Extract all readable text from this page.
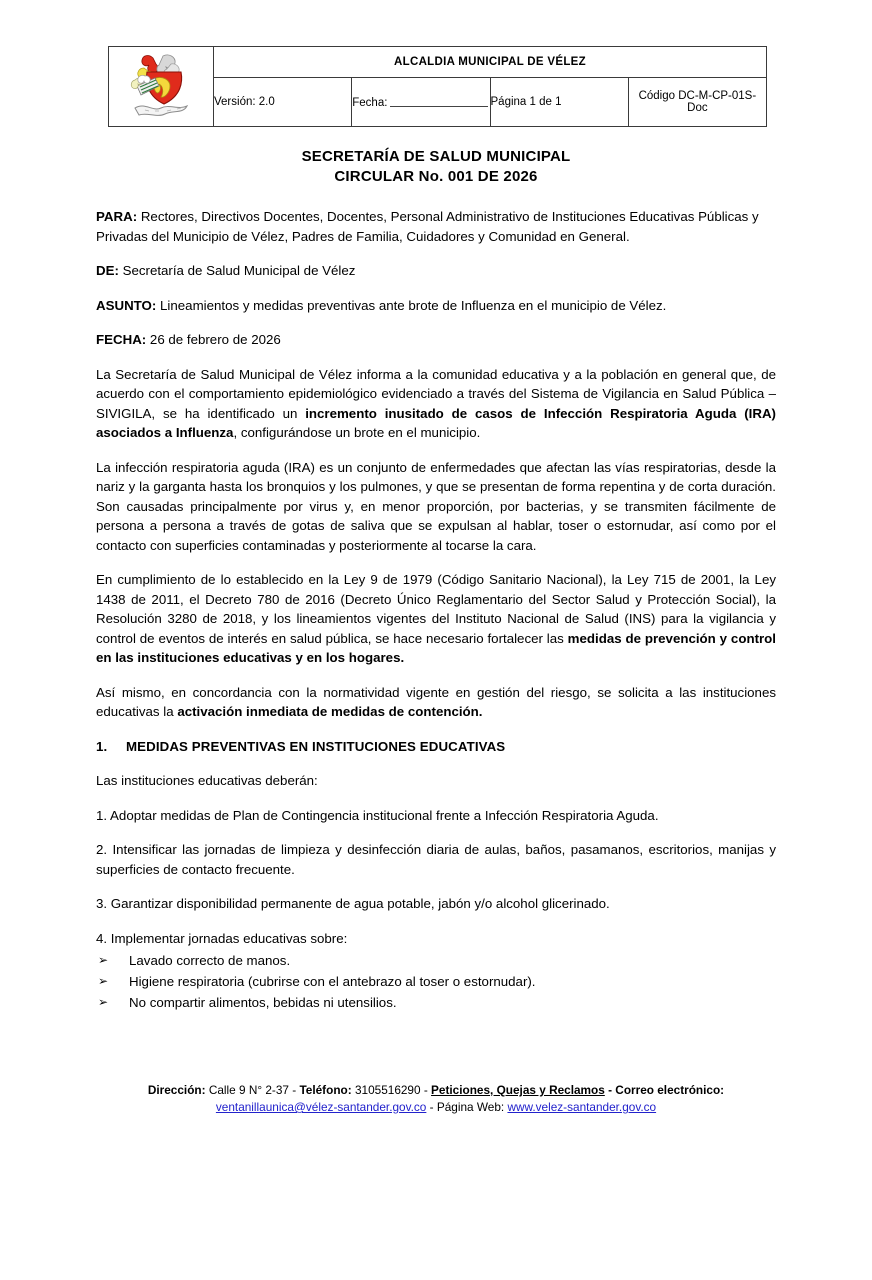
	ALCALDIA MUNICIPAL DE VÉLEZ			
	Versión: 2.0	Fecha:	Página 1 de 1	Código DC-M-CP-01S-Doc
SECRETARÍA DE SALUD MUNICIPAL
CIRCULAR No. 001 DE 2026

PARA: Rectores, Directivos Docentes, Docentes, Personal Administrativo de Instituciones Educativas Públicas y Privadas del Municipio de Vélez, Padres de Familia, Cuidadores y Comunidad en General.

DE: Secretaría de Salud Municipal de Vélez

ASUNTO: Lineamientos y medidas preventivas ante brote de Influenza en el municipio de Vélez.

FECHA: 26 de febrero de 2026

La Secretaría de Salud Municipal de Vélez informa a la comunidad educativa y a la población en general que, de acuerdo con el comportamiento epidemiológico evidenciado a través del Sistema de Vigilancia en Salud Pública – SIVIGILA, se ha identificado un incremento inusitado de casos de Infección Respiratoria Aguda (IRA) asociados a Influenza, configurándose un brote en el municipio.

La infección respiratoria aguda (IRA) es un conjunto de enfermedades que afectan las vías respiratorias, desde la nariz y la garganta hasta los bronquios y los pulmones, y que se presentan de forma repentina y de corta duración. Son causadas principalmente por virus y, en menor proporción, por bacterias, y se transmiten fácilmente de persona a persona a través de gotas de saliva que se expulsan al hablar, toser o estornudar, así como por el contacto con superficies contaminadas y posteriormente al tocarse la cara.

En cumplimiento de lo establecido en la Ley 9 de 1979 (Código Sanitario Nacional), la Ley 715 de 2001, la Ley 1438 de 2011, el Decreto 780 de 2016 (Decreto Único Reglamentario del Sector Salud y Protección Social), la Resolución 3280 de 2018, y los lineamientos vigentes del Instituto Nacional de Salud (INS) para la vigilancia y control de eventos de interés en salud pública, se hace necesario fortalecer las medidas de prevención y control en las instituciones educativas y en los hogares.

Así mismo, en concordancia con la normatividad vigente en gestión del riesgo, se solicita a las instituciones educativas la activación inmediata de medidas de contención.

1. MEDIDAS PREVENTIVAS EN INSTITUCIONES EDUCATIVAS

Las instituciones educativas deberán:

1. Adoptar medidas de Plan de Contingencia institucional frente a Infección Respiratoria Aguda.

2. Intensificar las jornadas de limpieza y desinfección diaria de aulas, baños, pasamanos, escritorios, manijas y superficies de contacto frecuente.

3. Garantizar disponibilidad permanente de agua potable, jabón y/o alcohol glicerinado.

4. Implementar jornadas educativas sobre:

➢ Lavado correcto de manos.
➢ Higiene respiratoria (cubrirse con el antebrazo al toser o estornudar).
➢ No compartir alimentos, bebidas ni utensilios.
Dirección: Calle 9 N° 2-37 - Teléfono: 3105516290 - Peticiones, Quejas y Reclamos - Correo electrónico:
ventanillaunica@vélez-santander.gov.co - Página Web: www.velez-santander.gov.co
